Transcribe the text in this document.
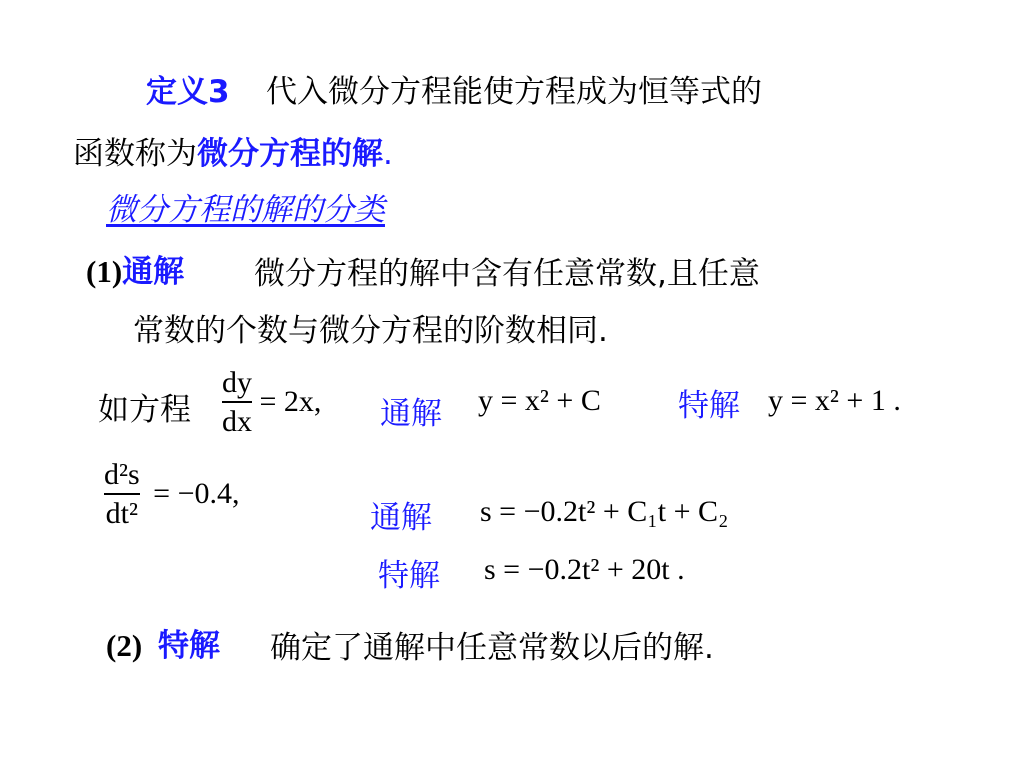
定义3 代入微分方程能使方程成为恒等式的
函数称为微分方程的解.
微分方程的解的分类
(1)通解 微分方程的解中含有任意常数,且任意
常数的个数与微分方程的阶数相同.
如方程 $\frac{dy}{dx} = 2x$, 通解 y = x² + C 特解 y = x² + 1 .
$\frac{\text{d²s}}{\text{dt²}} = -0.4$,
通解 s = −0.2t² + C₁t + C₂
特解 s = −0.2t² + 20t .
(2) 特解 确定了通解中任意常数以后的解.
